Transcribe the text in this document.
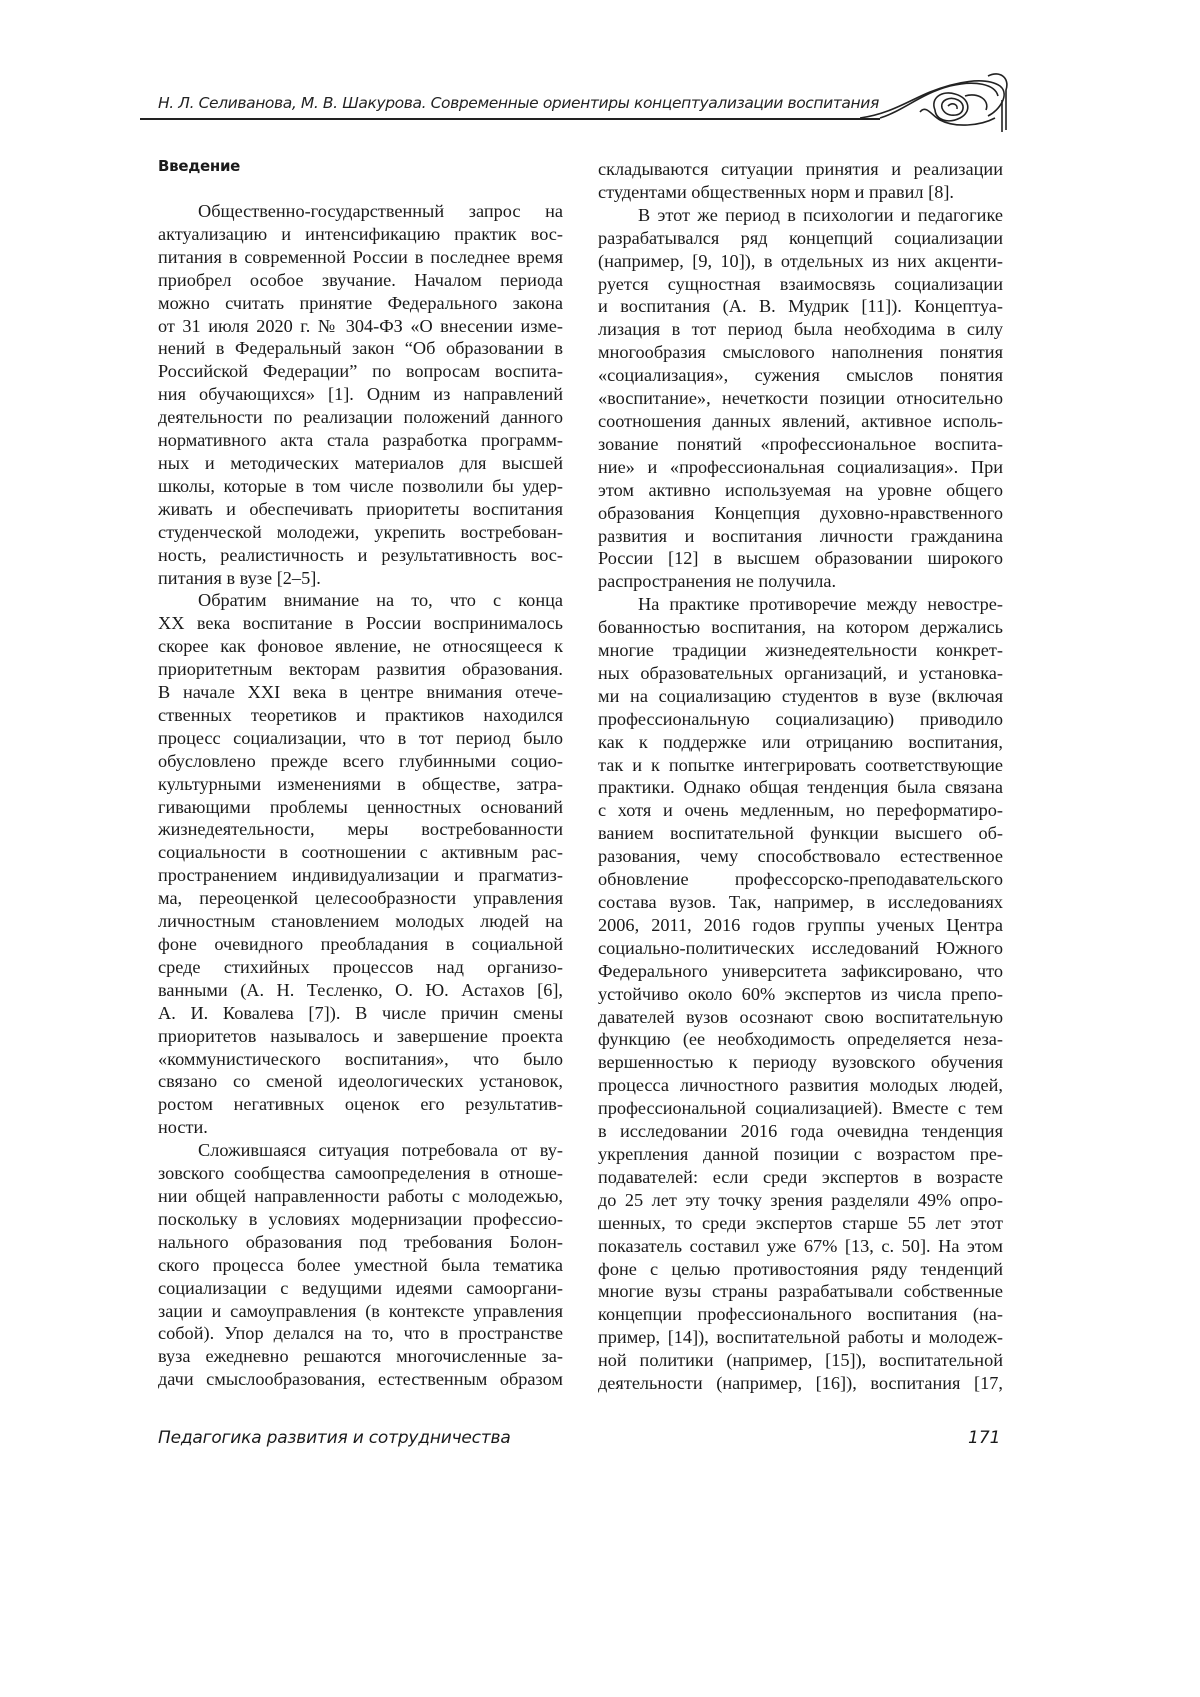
Н. Л. Селиванова, М. В. Шакурова. Современные ориентиры концептуализации воспитания
Введение
Общественно-государственный запрос на
актуализацию и интенсификацию практик вос-
питания в современной России в последнее время
приобрел особое звучание. Началом периода
можно считать принятие Федерального закона
от 31 июля 2020 г. № 304-ФЗ «О внесении изме-
нений в Федеральный закон “Об образовании в
Российской Федерации” по вопросам воспита-
ния обучающихся» [1]. Одним из направлений
деятельности по реализации положений данного
нормативного акта стала разработка программ-
ных и методических материалов для высшей
школы, которые в том числе позволили бы удер-
живать и обеспечивать приоритеты воспитания
студенческой молодежи, укрепить востребован-
ность, реалистичность и результативность вос-
питания в вузе [2–5].
Обратим внимание на то, что с конца
XX века воспитание в России воспринималось
скорее как фоновое явление, не относящееся к
приоритетным векторам развития образования.
В начале XXI века в центре внимания отече-
ственных теоретиков и практиков находился
процесс социализации, что в тот период было
обусловлено прежде всего глубинными социо-
культурными изменениями в обществе, затра-
гивающими проблемы ценностных оснований
жизнедеятельности, меры востребованности
социальности в соотношении с активным рас-
пространением индивидуализации и прагматиз-
ма, переоценкой целесообразности управления
личностным становлением молодых людей на
фоне очевидного преобладания в социальной
среде стихийных процессов над организо-
ванными (А. Н. Тесленко, О. Ю. Астахов [6],
А. И. Ковалева [7]). В числе причин смены
приоритетов называлось и завершение проекта
«коммунистического воспитания», что было
связано со сменой идеологических установок,
ростом негативных оценок его результатив-
ности.
Сложившаяся ситуация потребовала от ву-
зовского сообщества самоопределения в отноше-
нии общей направленности работы с молодежью,
поскольку в условиях модернизации профессио-
нального образования под требования Болон-
ского процесса более уместной была тематика
социализации с ведущими идеями самооргани-
зации и самоуправления (в контексте управления
собой). Упор делался на то, что в пространстве
вуза ежедневно решаются многочисленные за-
дачи смыслообразования, естественным образом
складываются ситуации принятия и реализации
студентами общественных норм и правил [8].
В этот же период в психологии и педагогике
разрабатывался ряд концепций социализации
(например, [9, 10]), в отдельных из них акценти-
руется сущностная взаимосвязь социализации
и воспитания (А. В. Мудрик [11]). Концептуа-
лизация в тот период была необходима в силу
многообразия смыслового наполнения понятия
«социализация», сужения смыслов понятия
«воспитание», нечеткости позиции относительно
соотношения данных явлений, активное исполь-
зование понятий «профессиональное воспита-
ние» и «профессиональная социализация». При
этом активно используемая на уровне общего
образования Концепция духовно-нравственного
развития и воспитания личности гражданина
России [12] в высшем образовании широкого
распространения не получила.
На практике противоречие между невостре-
бованностью воспитания, на котором держались
многие традиции жизнедеятельности конкрет-
ных образовательных организаций, и установка-
ми на социализацию студентов в вузе (включая
профессиональную социализацию) приводило
как к поддержке или отрицанию воспитания,
так и к попытке интегрировать соответствующие
практики. Однако общая тенденция была связана
с хотя и очень медленным, но переформатиро-
ванием воспитательной функции высшего об-
разования, чему способствовало естественное
обновление профессорско-преподавательского
состава вузов. Так, например, в исследованиях
2006, 2011, 2016 годов группы ученых Центра
социально-политических исследований Южного
Федерального университета зафиксировано, что
устойчиво около 60% экспертов из числа препо-
давателей вузов осознают свою воспитательную
функцию (ее необходимость определяется неза-
вершенностью к периоду вузовского обучения
процесса личностного развития молодых людей,
профессиональной социализацией). Вместе с тем
в исследовании 2016 года очевидна тенденция
укрепления данной позиции с возрастом пре-
подавателей: если среди экспертов в возрасте
до 25 лет эту точку зрения разделяли 49% опро-
шенных, то среди экспертов старше 55 лет этот
показатель составил уже 67% [13, с. 50]. На этом
фоне с целью противостояния ряду тенденций
многие вузы страны разрабатывали собственные
концепции профессионального воспитания (на-
пример, [14]), воспитательной работы и молодеж-
ной политики (например, [15]), воспитательной
деятельности (например, [16]), воспитания [17,
Педагогика развития и сотрудничества	171
